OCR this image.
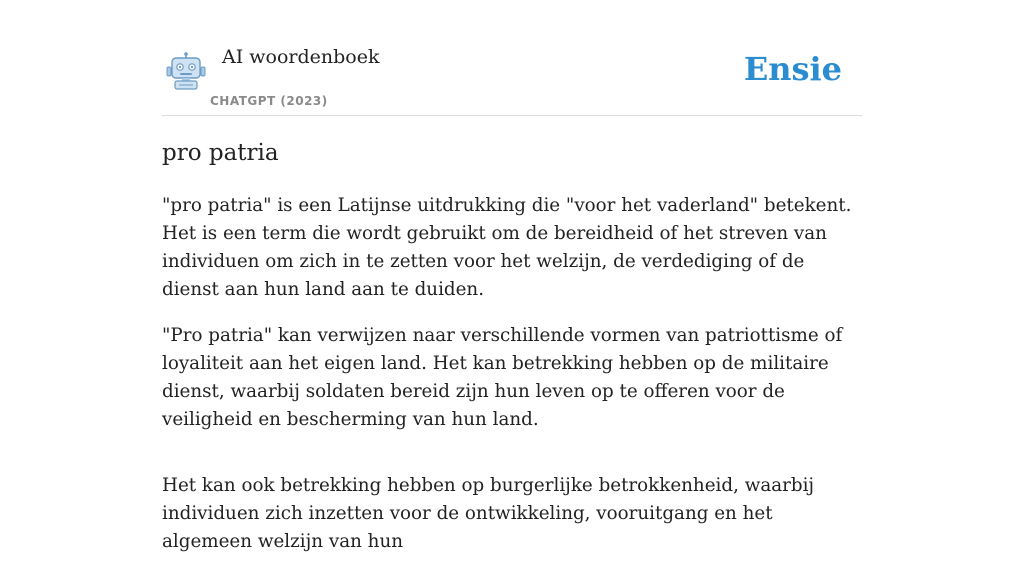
AI woordenboek
CHATGPT (2023)
Ensie
pro patria

"pro patria" is een Latijnse uitdrukking die "voor het vaderland" betekent. Het is een term die wordt gebruikt om de bereidheid of het streven van individuen om zich in te zetten voor het welzijn, de verdediging of de dienst aan hun land aan te duiden.

"Pro patria" kan verwijzen naar verschillende vormen van patriottisme of loyaliteit aan het eigen land. Het kan betrekking hebben op de militaire dienst, waarbij soldaten bereid zijn hun leven op te offeren voor de veiligheid en bescherming van hun land.

Het kan ook betrekking hebben op burgerlijke betrokkenheid, waarbij individuen zich inzetten voor de ontwikkeling, vooruitgang en het algemeen welzijn van hun
